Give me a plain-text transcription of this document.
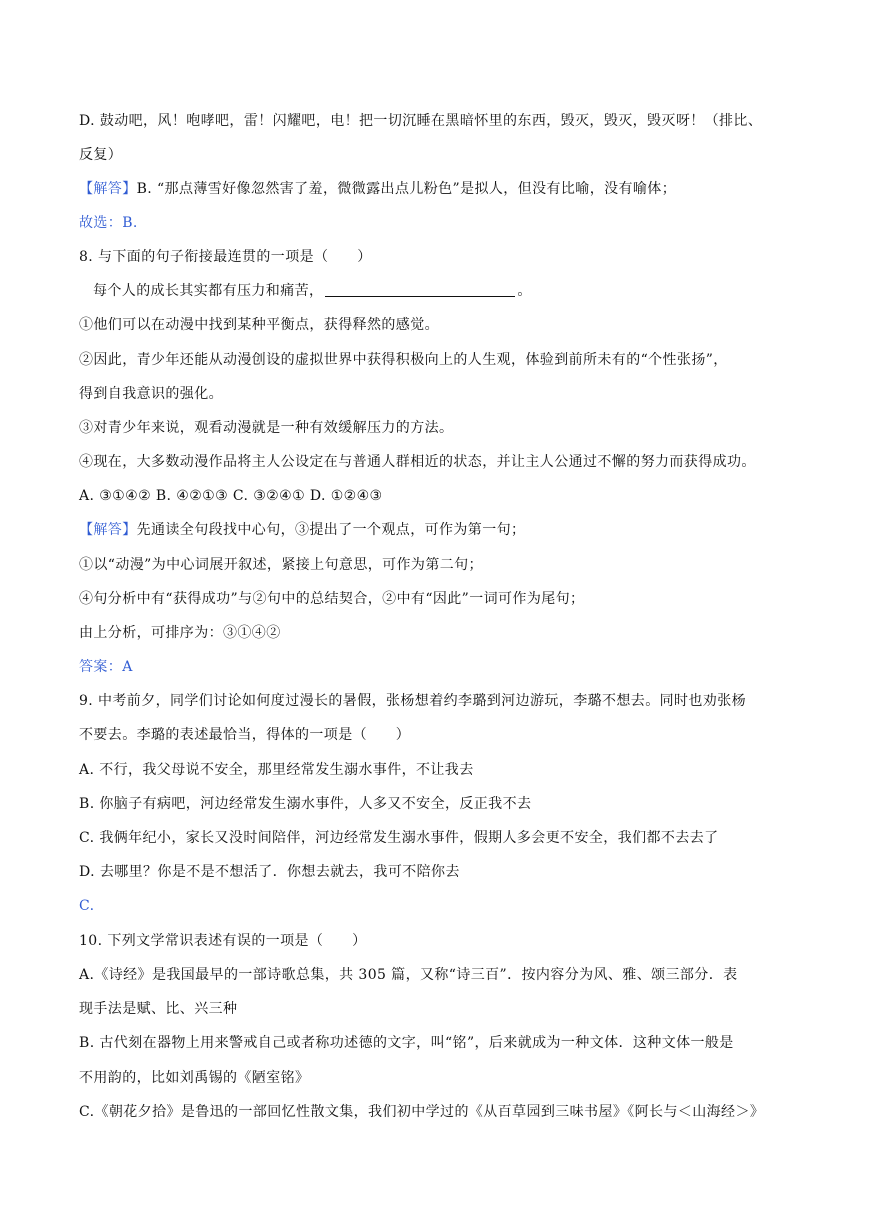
D. 鼓动吧，风！咆哮吧，雷！闪耀吧，电！把一切沉睡在黑暗怀里的东西，毁灭，毁灭，毁灭呀！（排比、
反复）
【解答】B. “那点薄雪好像忽然害了羞，微微露出点儿粉色”是拟人，但没有比喻，没有喻体；
故选：B.
8. 与下面的句子衔接最连贯的一项是（　　）
每个人的成长其实都有压力和痛苦，	。
①他们可以在动漫中找到某种平衡点，获得释然的感觉。
②因此，青少年还能从动漫创设的虚拟世界中获得积极向上的人生观，体验到前所未有的“个性张扬”，
得到自我意识的强化。
③对青少年来说，观看动漫就是一种有效缓解压力的方法。
④现在，大多数动漫作品将主人公设定在与普通人群相近的状态，并让主人公通过不懈的努力而获得成功。
A. ③①④② B. ④②①③ C. ③②④① D. ①②④③
【解答】先通读全句段找中心句，③提出了一个观点，可作为第一句；
①以“动漫”为中心词展开叙述，紧接上句意思，可作为第二句；
④句分析中有“获得成功”与②句中的总结契合，②中有“因此”一词可作为尾句；
由上分析，可排序为：③①④②
答案：A
9. 中考前夕，同学们讨论如何度过漫长的暑假，张杨想着约李璐到河边游玩，李璐不想去。同时也劝张杨
不要去。李璐的表述最恰当，得体的一项是（　　）
A. 不行，我父母说不安全，那里经常发生溺水事件，不让我去
B. 你脑子有病吧，河边经常发生溺水事件，人多又不安全，反正我不去
C. 我俩年纪小，家长又没时间陪伴，河边经常发生溺水事件，假期人多会更不安全，我们都不去去了
D. 去哪里？你是不是不想活了．你想去就去，我可不陪你去
C.
10. 下列文学常识表述有误的一项是（　　）
A.《诗经》是我国最早的一部诗歌总集，共 305 篇，又称“诗三百”．按内容分为风、雅、颂三部分．表
现手法是赋、比、兴三种
B. 古代刻在器物上用来警戒自己或者称功述德的文字，叫“铭”，后来就成为一种文体．这种文体一般是
不用韵的，比如刘禹锡的《陋室铭》
C.《朝花夕拾》是鲁迅的一部回忆性散文集，我们初中学过的《从百草园到三味书屋》《阿长与＜山海经＞》
